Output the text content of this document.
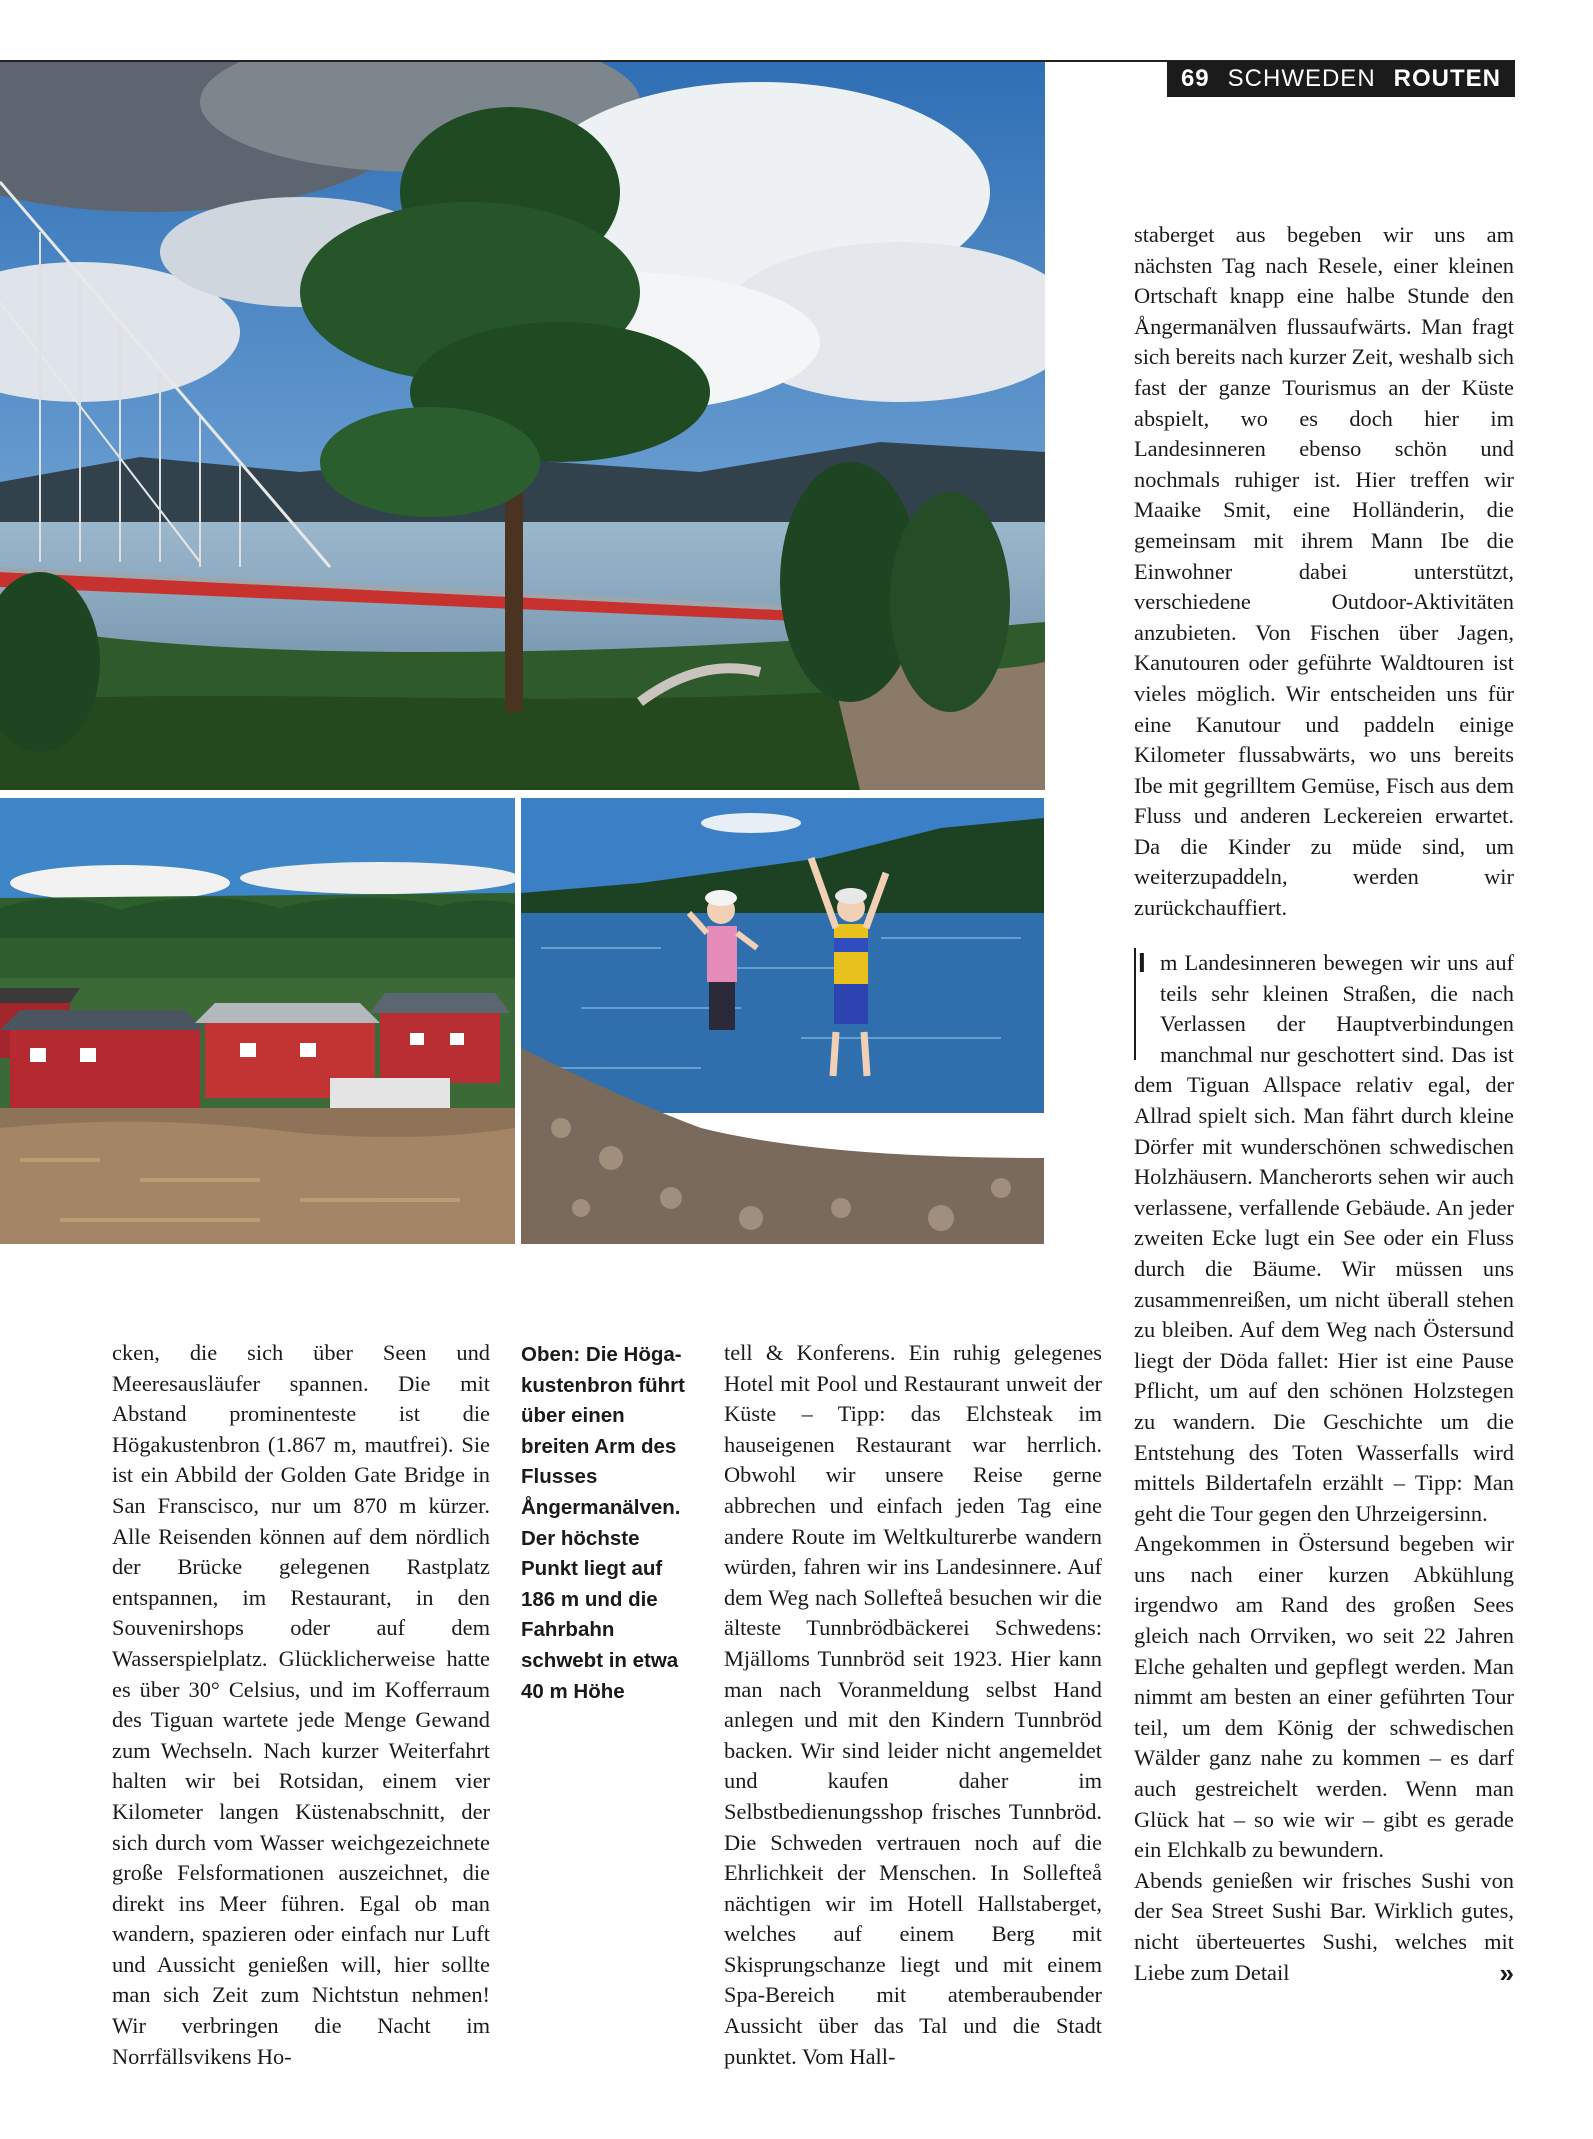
69 SCHWEDEN ROUTEN

staberget aus begeben wir uns am nächsten Tag nach Resele, einer kleinen Ortschaft knapp eine halbe Stunde den Ångermanälven flussaufwärts. Man fragt sich bereits nach kurzer Zeit, weshalb sich fast der ganze Tourismus an der Küste abspielt, wo es doch hier im Landesinneren ebenso schön und nochmals ruhiger ist. Hier treffen wir Maaike Smit, eine Holländerin, die gemeinsam mit ihrem Mann Ibe die Einwohner dabei unterstützt, verschiedene Outdoor-Aktivitäten anzubieten. Von Fischen über Jagen, Kanutouren oder geführte Waldtouren ist vieles möglich. Wir entscheiden uns für eine Kanutour und paddeln einige Kilometer flussabwärts, wo uns bereits Ibe mit gegrilltem Gemüse, Fisch aus dem Fluss und anderen Leckereien erwartet. Da die Kinder zu müde sind, um weiterzupaddeln, werden wir zurückchauffiert.

I m Landesinneren bewegen wir uns auf teils sehr kleinen Straßen, die nach Verlassen der Hauptverbindungen manchmal nur geschottert sind. Das ist dem Tiguan Allspace relativ egal, der Allrad spielt sich. Man fährt durch kleine Dörfer mit wunderschönen schwedischen Holzhäusern. Mancherorts sehen wir auch verlassene, verfallende Gebäude. An jeder zweiten Ecke lugt ein See oder ein Fluss durch die Bäume. Wir müssen uns zusammenreißen, um nicht überall stehen zu bleiben. Auf dem Weg nach Östersund liegt der Döda fallet: Hier ist eine Pause Pflicht, um auf den schönen Holzstegen zu wandern. Die Geschichte um die Entstehung des Toten Wasserfalls wird mittels Bildertafeln erzählt – Tipp: Man geht die Tour gegen den Uhrzeigersinn.

Angekommen in Östersund begeben wir uns nach einer kurzen Abkühlung irgendwo am Rand des großen Sees gleich nach Orrviken, wo seit 22 Jahren Elche gehalten und gepflegt werden. Man nimmt am besten an einer geführten Tour teil, um dem König der schwedischen Wälder ganz nahe zu kommen – es darf auch gestreichelt werden. Wenn man Glück hat – so wie wir – gibt es gerade ein Elchkalb zu bewundern.

Abends genießen wir frisches Sushi von der Sea Street Sushi Bar. Wirklich gutes, nicht überteuertes Sushi, welches mit Liebe zum Detail	»

cken, die sich über Seen und Meeresausläufer spannen. Die mit Abstand prominenteste ist die Högakustenbron (1.867 m, mautfrei). Sie ist ein Abbild der Golden Gate Bridge in San Franscisco, nur um 870 m kürzer. Alle Reisenden können auf dem nördlich der Brücke gelegenen Rastplatz entspannen, im Restaurant, in den Souvenirshops oder auf dem Wasserspielplatz. Glücklicherweise hatte es über 30° Celsius, und im Kofferraum des Tiguan wartete jede Menge Gewand zum Wechseln. Nach kurzer Weiterfahrt halten wir bei Rotsidan, einem vier Kilometer langen Küstenabschnitt, der sich durch vom Wasser weichgezeichnete große Felsformationen auszeichnet, die direkt ins Meer führen. Egal ob man wandern, spazieren oder einfach nur Luft und Aussicht genießen will, hier sollte man sich Zeit zum Nichtstun nehmen! Wir verbringen die Nacht im Norrfällsvikens Ho-

Oben: Die Höga-kustenbron führt über einen breiten Arm des Flusses Ångermanälven. Der höchste Punkt liegt auf 186 m und die Fahrbahn schwebt in etwa 40 m Höhe

tell & Konferens. Ein ruhig gelegenes Hotel mit Pool und Restaurant unweit der Küste – Tipp: das Elchsteak im hauseigenen Restaurant war herrlich. Obwohl wir unsere Reise gerne abbrechen und einfach jeden Tag eine andere Route im Weltkulturerbe wandern würden, fahren wir ins Landesinnere. Auf dem Weg nach Sollefteå besuchen wir die älteste Tunnbrödbäckerei Schwedens: Mjälloms Tunnbröd seit 1923. Hier kann man nach Voranmeldung selbst Hand anlegen und mit den Kindern Tunnbröd backen. Wir sind leider nicht angemeldet und kaufen daher im Selbstbedienungsshop frisches Tunnbröd. Die Schweden vertrauen noch auf die Ehrlichkeit der Menschen. In Sollefteå nächtigen wir im Hotell Hallstaberget, welches auf einem Berg mit Skisprungschanze liegt und mit einem Spa-Bereich mit atemberaubender Aussicht über das Tal und die Stadt punktet. Vom Hall-
